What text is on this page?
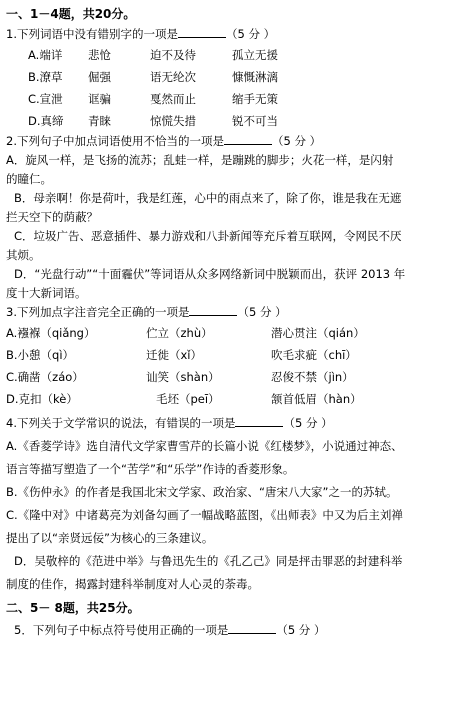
一、1－4题，共20分。
1.下列词语中没有错别字的一项是	（5 分 ）
A.端详	悲怆	迫不及待	孤立无援
B.潦草	倔强	语无纶次	慷慨淋漓
C.宣泄	诓骗	戛然而止	缩手无策
D.真缔	青睐	惊慌失措	锐不可当
2.下列句子中加点词语使用不恰当的一项是	（5 分 ）
A．旋风一样，是飞扬的流苏；乱蛙一样，是蹦跳的脚步；火花一样，是闪射
的瞳仁。
B．母亲啊！你是荷叶，我是红莲，心中的雨点来了，除了你，谁是我在无遮
拦天空下的荫蔽？
C．垃圾广告、恶意插件、暴力游戏和八卦新闻等充斥着互联网，令网民不厌
其烦。
D．“光盘行动”“十面霾伏”等词语从众多网络新词中脱颖而出，获评 2013 年
度十大新词语。
3.下列加点字注音完全正确的一项是	（5 分 ）
A.襁褓（qiǎng）	伫立（zhù）	潜心贯注（qián）
B.小憩（qì）	迁徙（xǐ）	吹毛求疵（chī）
C.确凿（záo）	讪笑（shàn）	忍俊不禁（jìn）
D.克扣（kè）	毛坯（peī）	颔首低眉（hàn）
4.下列关于文学常识的说法，有错误的一项是	（5 分 ）
A.《香菱学诗》选自清代文学家曹雪芹的长篇小说《红楼梦》，小说通过神态、
语言等描写塑造了一个“苦学”和“乐学”作诗的香菱形象。
B.《伤仲永》的作者是我国北宋文学家、政治家、“唐宋八大家”之一的苏轼。
C.《隆中对》中诸葛亮为刘备勾画了一幅战略蓝图，《出师表》中又为后主刘禅
提出了以“亲贤远佞”为核心的三条建议。
D．吴敬梓的《范进中举》与鲁迅先生的《孔乙己》同是抨击罪恶的封建科举
制度的佳作，揭露封建科举制度对人心灵的荼毒。
二、5－ 8题，共25分。
5．下列句子中标点符号使用正确的一项是	（5 分 ）
